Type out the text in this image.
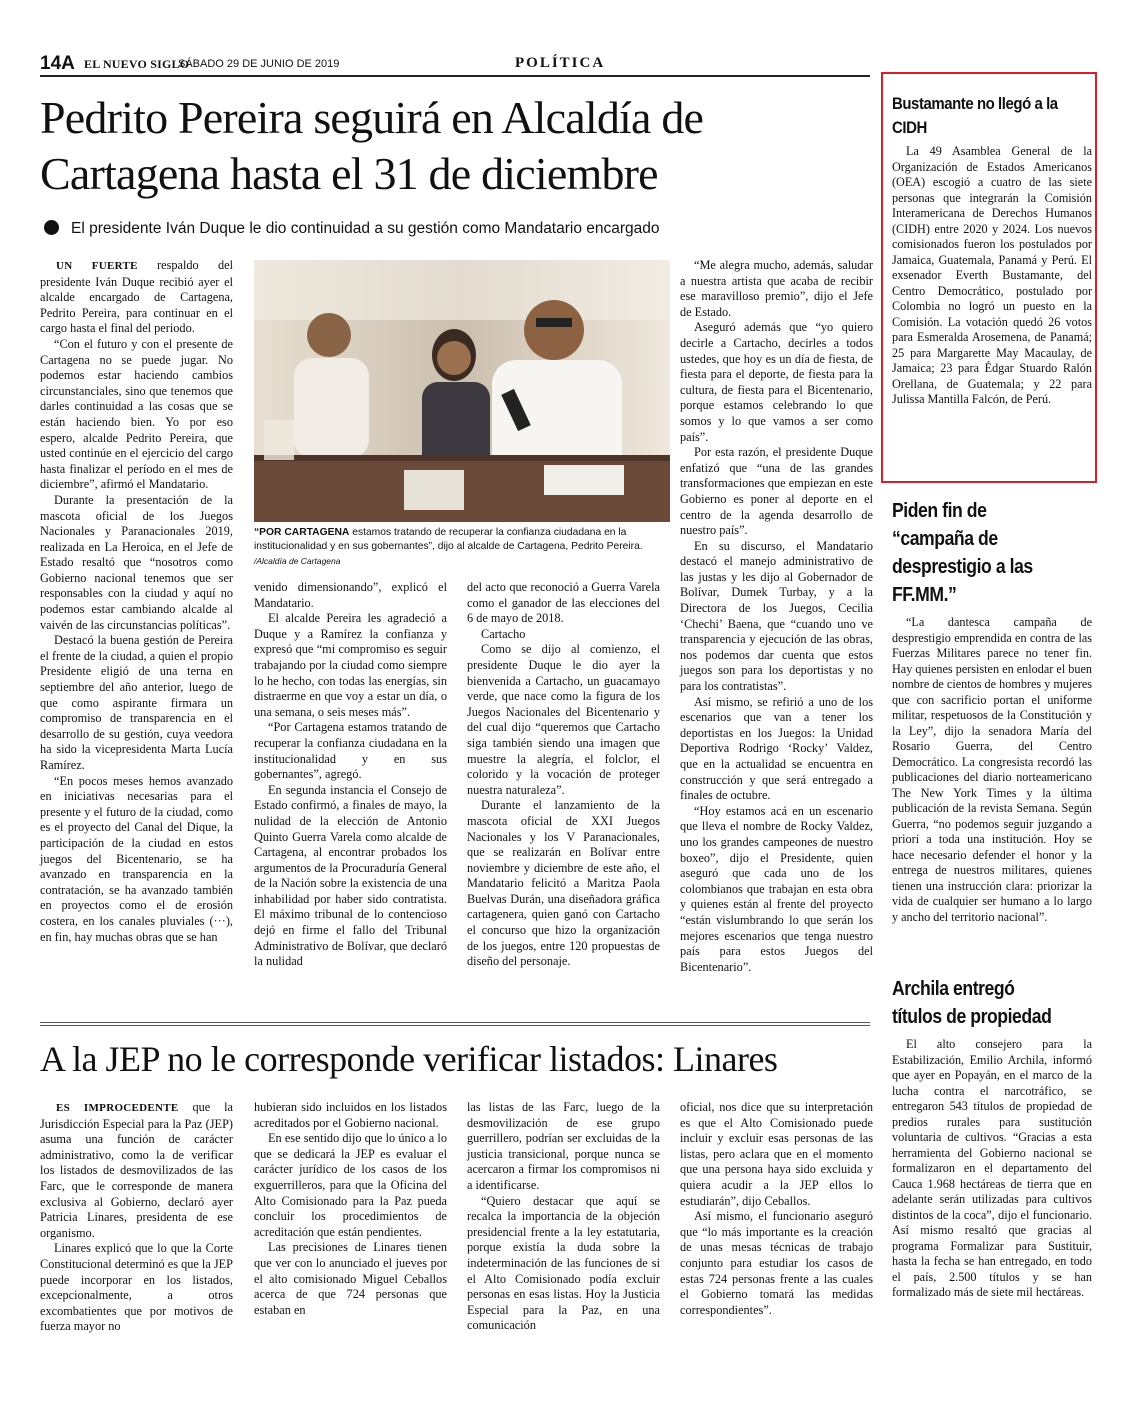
14A EL NUEVO SIGLO
SÁBADO 29 DE JUNIO DE 2019	POLÍTICA
Pedrito Pereira seguirá en Alcaldía de Cartagena hasta el 31 de diciembre
El presidente Iván Duque le dio continuidad a su gestión como Mandatario encargado

UN FUERTE respaldo del presidente Iván Duque recibió ayer el alcalde encargado de Cartagena, Pedrito Pereira, para continuar en el cargo hasta el final del periodo.

“Con el futuro y con el presente de Cartagena no se puede jugar. No podemos estar haciendo cambios circunstanciales, sino que tenemos que darles continuidad a las cosas que se están haciendo bien. Yo por eso espero, alcalde Pedrito Pereira, que usted continúe en el ejercicio del cargo hasta finalizar el período en el mes de diciembre”, afirmó el Mandatario.

Durante la presentación de la mascota oficial de los Juegos Nacionales y Paranacionales 2019, realizada en La Heroica, en el Jefe de Estado resaltó que “nosotros como Gobierno nacional tenemos que ser responsables con la ciudad y aquí no podemos estar cambiando alcalde al vaivén de las circunstancias políticas”.

Destacó la buena gestión de Pereira el frente de la ciudad, a quien el propio Presidente eligió de una terna en septiembre del año anterior, luego de que como aspirante firmara un compromiso de transparencia en el desarrollo de su gestión, cuya veedora ha sido la vicepresidenta Marta Lucía Ramírez.

“En pocos meses hemos avanzado en iniciativas necesarias para el presente y el futuro de la ciudad, como es el proyecto del Canal del Dique, la participación de la ciudad en estos juegos del Bicentenario, se ha avanzado en transparencia en la contratación, se ha avanzado también en proyectos como el de erosión costera, en los canales pluviales (···), en fin, hay muchas obras que se han

“POR CARTAGENA estamos tratando de recuperar la confianza ciudadana en la institucionalidad y en sus gobernantes”, dijo al alcalde de Cartagena, Pedrito Pereira. /Alcaldía de Cartagena

venido dimensionando”, explicó el Mandatario.

El alcalde Pereira les agradeció a Duque y a Ramírez la confianza y expresó que “mi compromiso es seguir trabajando por la ciudad como siempre lo he hecho, con todas las energías, sin distraerme en que voy a estar un día, o una semana, o seis meses más”.

“Por Cartagena estamos tratando de recuperar la confianza ciudadana en la institucionalidad y en sus gobernantes”, agregó.

En segunda instancia el Consejo de Estado confirmó, a finales de mayo, la nulidad de la elección de Antonio Quinto Guerra Varela como alcalde de Cartagena, al encontrar probados los argumentos de la Procuraduría General de la Nación sobre la existencia de una inhabilidad por haber sido contratista. El máximo tribunal de lo contencioso dejó en firme el fallo del Tribunal Administrativo de Bolívar, que declaró la nulidad

del acto que reconoció a Guerra Varela como el ganador de las elecciones del 6 de mayo de 2018.

Cartacho

Como se dijo al comienzo, el presidente Duque le dio ayer la bienvenida a Cartacho, un guacamayo verde, que nace como la figura de los Juegos Nacionales del Bicentenario y del cual dijo “queremos que Cartacho siga también siendo una imagen que muestre la alegría, el folclor, el colorido y la vocación de proteger nuestra naturaleza”.

Durante el lanzamiento de la mascota oficial de XXI Juegos Nacionales y los V Paranacionales, que se realizarán en Bolívar entre noviembre y diciembre de este año, el Mandatario felicitó a Maritza Paola Buelvas Durán, una diseñadora gráfica cartagenera, quien ganó con Cartacho el concurso que hizo la organización de los juegos, entre 120 propuestas de diseño del personaje.

“Me alegra mucho, además, saludar a nuestra artista que acaba de recibir ese maravilloso premio”, dijo el Jefe de Estado.

Aseguró además que “yo quiero decirle a Cartacho, decirles a todos ustedes, que hoy es un día de fiesta, de fiesta para el deporte, de fiesta para la cultura, de fiesta para el Bicentenario, porque estamos celebrando lo que somos y lo que vamos a ser como país”.

Por esta razón, el presidente Duque enfatizó que “una de las grandes transformaciones que empiezan en este Gobierno es poner al deporte en el centro de la agenda desarrollo de nuestro país”.

En su discurso, el Mandatario destacó el manejo administrativo de las justas y les dijo al Gobernador de Bolívar, Dumek Turbay, y a la Directora de los Juegos, Cecilia ‘Chechi’ Baena, que “cuando uno ve transparencia y ejecución de las obras, nos podemos dar cuenta que estos juegos son para los deportistas y no para los contratistas”.

Así mismo, se refirió a uno de los escenarios que van a tener los deportistas en los Juegos: la Unidad Deportiva Rodrigo ‘Rocky’ Valdez, que en la actualidad se encuentra en construcción y que será entregado a finales de octubre.

“Hoy estamos acá en un escenario que lleva el nombre de Rocky Valdez, uno los grandes campeones de nuestro boxeo”, dijo el Presidente, quien aseguró que cada uno de los colombianos que trabajan en esta obra y quienes están al frente del proyecto “están vislumbrando lo que serán los mejores escenarios que tenga nuestro país para estos Juegos del Bicentenario”.

A la JEP no le corresponde verificar listados: Linares

ES IMPROCEDENTE que la Jurisdicción Especial para la Paz (JEP) asuma una función de carácter administrativo, como la de verificar los listados de desmovilizados de las Farc, que le corresponde de manera exclusiva al Gobierno, declaró ayer Patricia Linares, presidenta de ese organismo.

Linares explicó que lo que la Corte Constitucional determinó es que la JEP puede incorporar en los listados, excepcionalmente, a otros excombatientes que por motivos de fuerza mayor no

hubieran sido incluidos en los listados acreditados por el Gobierno nacional.

En ese sentido dijo que lo único a lo que se dedicará la JEP es evaluar el carácter jurídico de los casos de los exguerrilleros, para que la Oficina del Alto Comisionado para la Paz pueda concluir los procedimientos de acreditación que están pendientes.

Las precisiones de Linares tienen que ver con lo anunciado el jueves por el alto comisionado Miguel Ceballos acerca de que 724 personas que estaban en

las listas de las Farc, luego de la desmovilización de ese grupo guerrillero, podrían ser excluidas de la justicia transicional, porque nunca se acercaron a firmar los compromisos ni a identificarse.

“Quiero destacar que aquí se recalca la importancia de la objeción presidencial frente a la ley estatutaria, porque existía la duda sobre la indeterminación de las funciones de si el Alto Comisionado podía excluir personas en esas listas. Hoy la Justicia Especial para la Paz, en una comunicación

oficial, nos dice que su interpretación es que el Alto Comisionado puede incluir y excluir esas personas de las listas, pero aclara que en el momento que una persona haya sido excluida y quiera acudir a la JEP ellos lo estudiarán”, dijo Ceballos.

Así mismo, el funcionario aseguró que “lo más importante es la creación de unas mesas técnicas de trabajo conjunto para estudiar los casos de estas 724 personas frente a las cuales el Gobierno tomará las medidas correspondientes”.

Bustamante no llegó a la CIDH

La 49 Asamblea General de la Organización de Estados Americanos (OEA) escogió a cuatro de las siete personas que integrarán la Comisión Interamericana de Derechos Humanos (CIDH) entre 2020 y 2024. Los nuevos comisionados fueron los postulados por Jamaica, Guatemala, Panamá y Perú. El exsenador Everth Bustamante, del Centro Democrático, postulado por Colombia no logró un puesto en la Comisión. La votación quedó 26 votos para Esmeralda Arosemena, de Panamá; 25 para Margarette May Macaulay, de Jamaica; 23 para Édgar Stuardo Ralón Orellana, de Guatemala; y 22 para Julissa Mantilla Falcón, de Perú.

Piden fin de “campaña de desprestigio a las FF.MM.”

“La dantesca campaña de desprestigio emprendida en contra de las Fuerzas Militares parece no tener fin. Hay quienes persisten en enlodar el buen nombre de cientos de hombres y mujeres que con sacrificio portan el uniforme militar, respetuosos de la Constitución y la Ley”, dijo la senadora María del Rosario Guerra, del Centro Democrático. La congresista recordó las publicaciones del diario norteamericano The New York Times y la última publicación de la revista Semana. Según Guerra, “no podemos seguir juzgando a priori a toda una institución. Hoy se hace necesario defender el honor y la entrega de nuestros militares, quienes tienen una instrucción clara: priorizar la vida de cualquier ser humano a lo largo y ancho del territorio nacional”.

Archila entregó títulos de propiedad

El alto consejero para la Estabilización, Emilio Archila, informó que ayer en Popayán, en el marco de la lucha contra el narcotráfico, se entregaron 543 títulos de propiedad de predios rurales para sustitución voluntaria de cultivos. “Gracias a esta herramienta del Gobierno nacional se formalizaron en el departamento del Cauca 1.968 hectáreas de tierra que en adelante serán utilizadas para cultivos distintos de la coca”, dijo el funcionario. Así mismo resaltó que gracias al programa Formalizar para Sustituir, hasta la fecha se han entregado, en todo el país, 2.500 títulos y se han formalizado más de siete mil hectáreas.
